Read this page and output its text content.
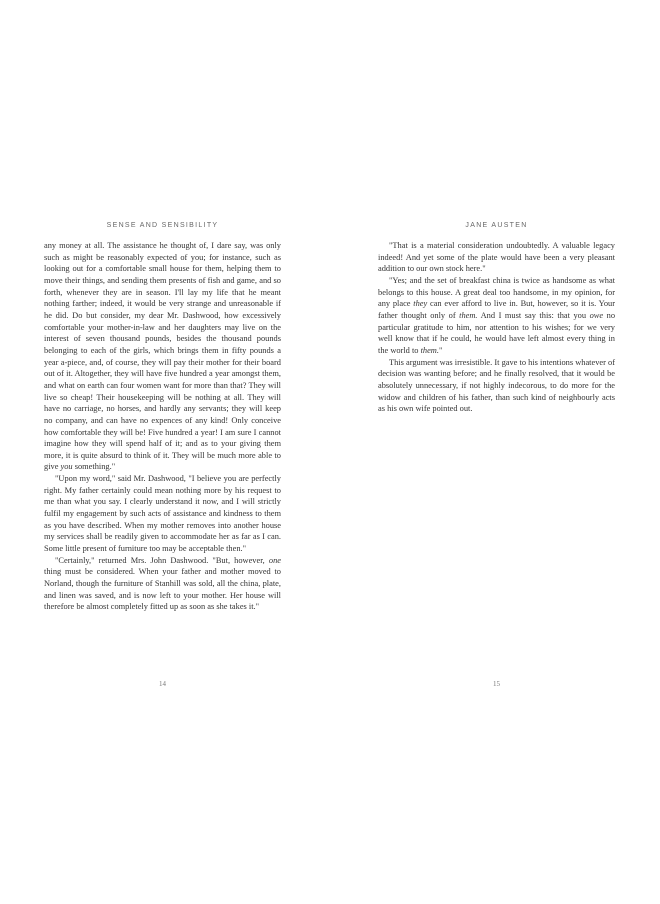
SENSE AND SENSIBILITY

any money at all. The assistance he thought of, I dare say, was only such as might be reasonably expected of you; for instance, such as looking out for a comfortable small house for them, helping them to move their things, and sending them presents of fish and game, and so forth, whenever they are in season. I'll lay my life that he meant nothing farther; indeed, it would be very strange and unreasonable if he did. Do but consider, my dear Mr. Dashwood, how excessively comfortable your mother-in-law and her daughters may live on the interest of seven thousand pounds, besides the thousand pounds belonging to each of the girls, which brings them in fifty pounds a year a-piece, and, of course, they will pay their mother for their board out of it. Altogether, they will have five hundred a year amongst them, and what on earth can four women want for more than that? They will live so cheap! Their housekeeping will be nothing at all. They will have no carriage, no horses, and hardly any servants; they will keep no company, and can have no expences of any kind! Only conceive how comfortable they will be! Five hundred a year! I am sure I cannot imagine how they will spend half of it; and as to your giving them more, it is quite absurd to think of it. They will be much more able to give you something."

"Upon my word," said Mr. Dashwood, "I believe you are perfectly right. My father certainly could mean nothing more by his request to me than what you say. I clearly understand it now, and I will strictly fulfil my engagement by such acts of assistance and kindness to them as you have described. When my mother removes into another house my services shall be readily given to accommodate her as far as I can. Some little present of furniture too may be acceptable then."

"Certainly," returned Mrs. John Dashwood. "But, however, one thing must be considered. When your father and mother moved to Norland, though the furniture of Stanhill was sold, all the china, plate, and linen was saved, and is now left to your mother. Her house will therefore be almost completely fitted up as soon as she takes it."

14
JANE AUSTEN

"That is a material consideration undoubtedly. A valuable legacy indeed! And yet some of the plate would have been a very pleasant addition to our own stock here."

"Yes; and the set of breakfast china is twice as handsome as what belongs to this house. A great deal too handsome, in my opinion, for any place they can ever afford to live in. But, however, so it is. Your father thought only of them. And I must say this: that you owe no particular gratitude to him, nor attention to his wishes; for we very well know that if he could, he would have left almost every thing in the world to them."

This argument was irresistible. It gave to his intentions whatever of decision was wanting before; and he finally resolved, that it would be absolutely unnecessary, if not highly indecorous, to do more for the widow and children of his father, than such kind of neighbourly acts as his own wife pointed out.

15
